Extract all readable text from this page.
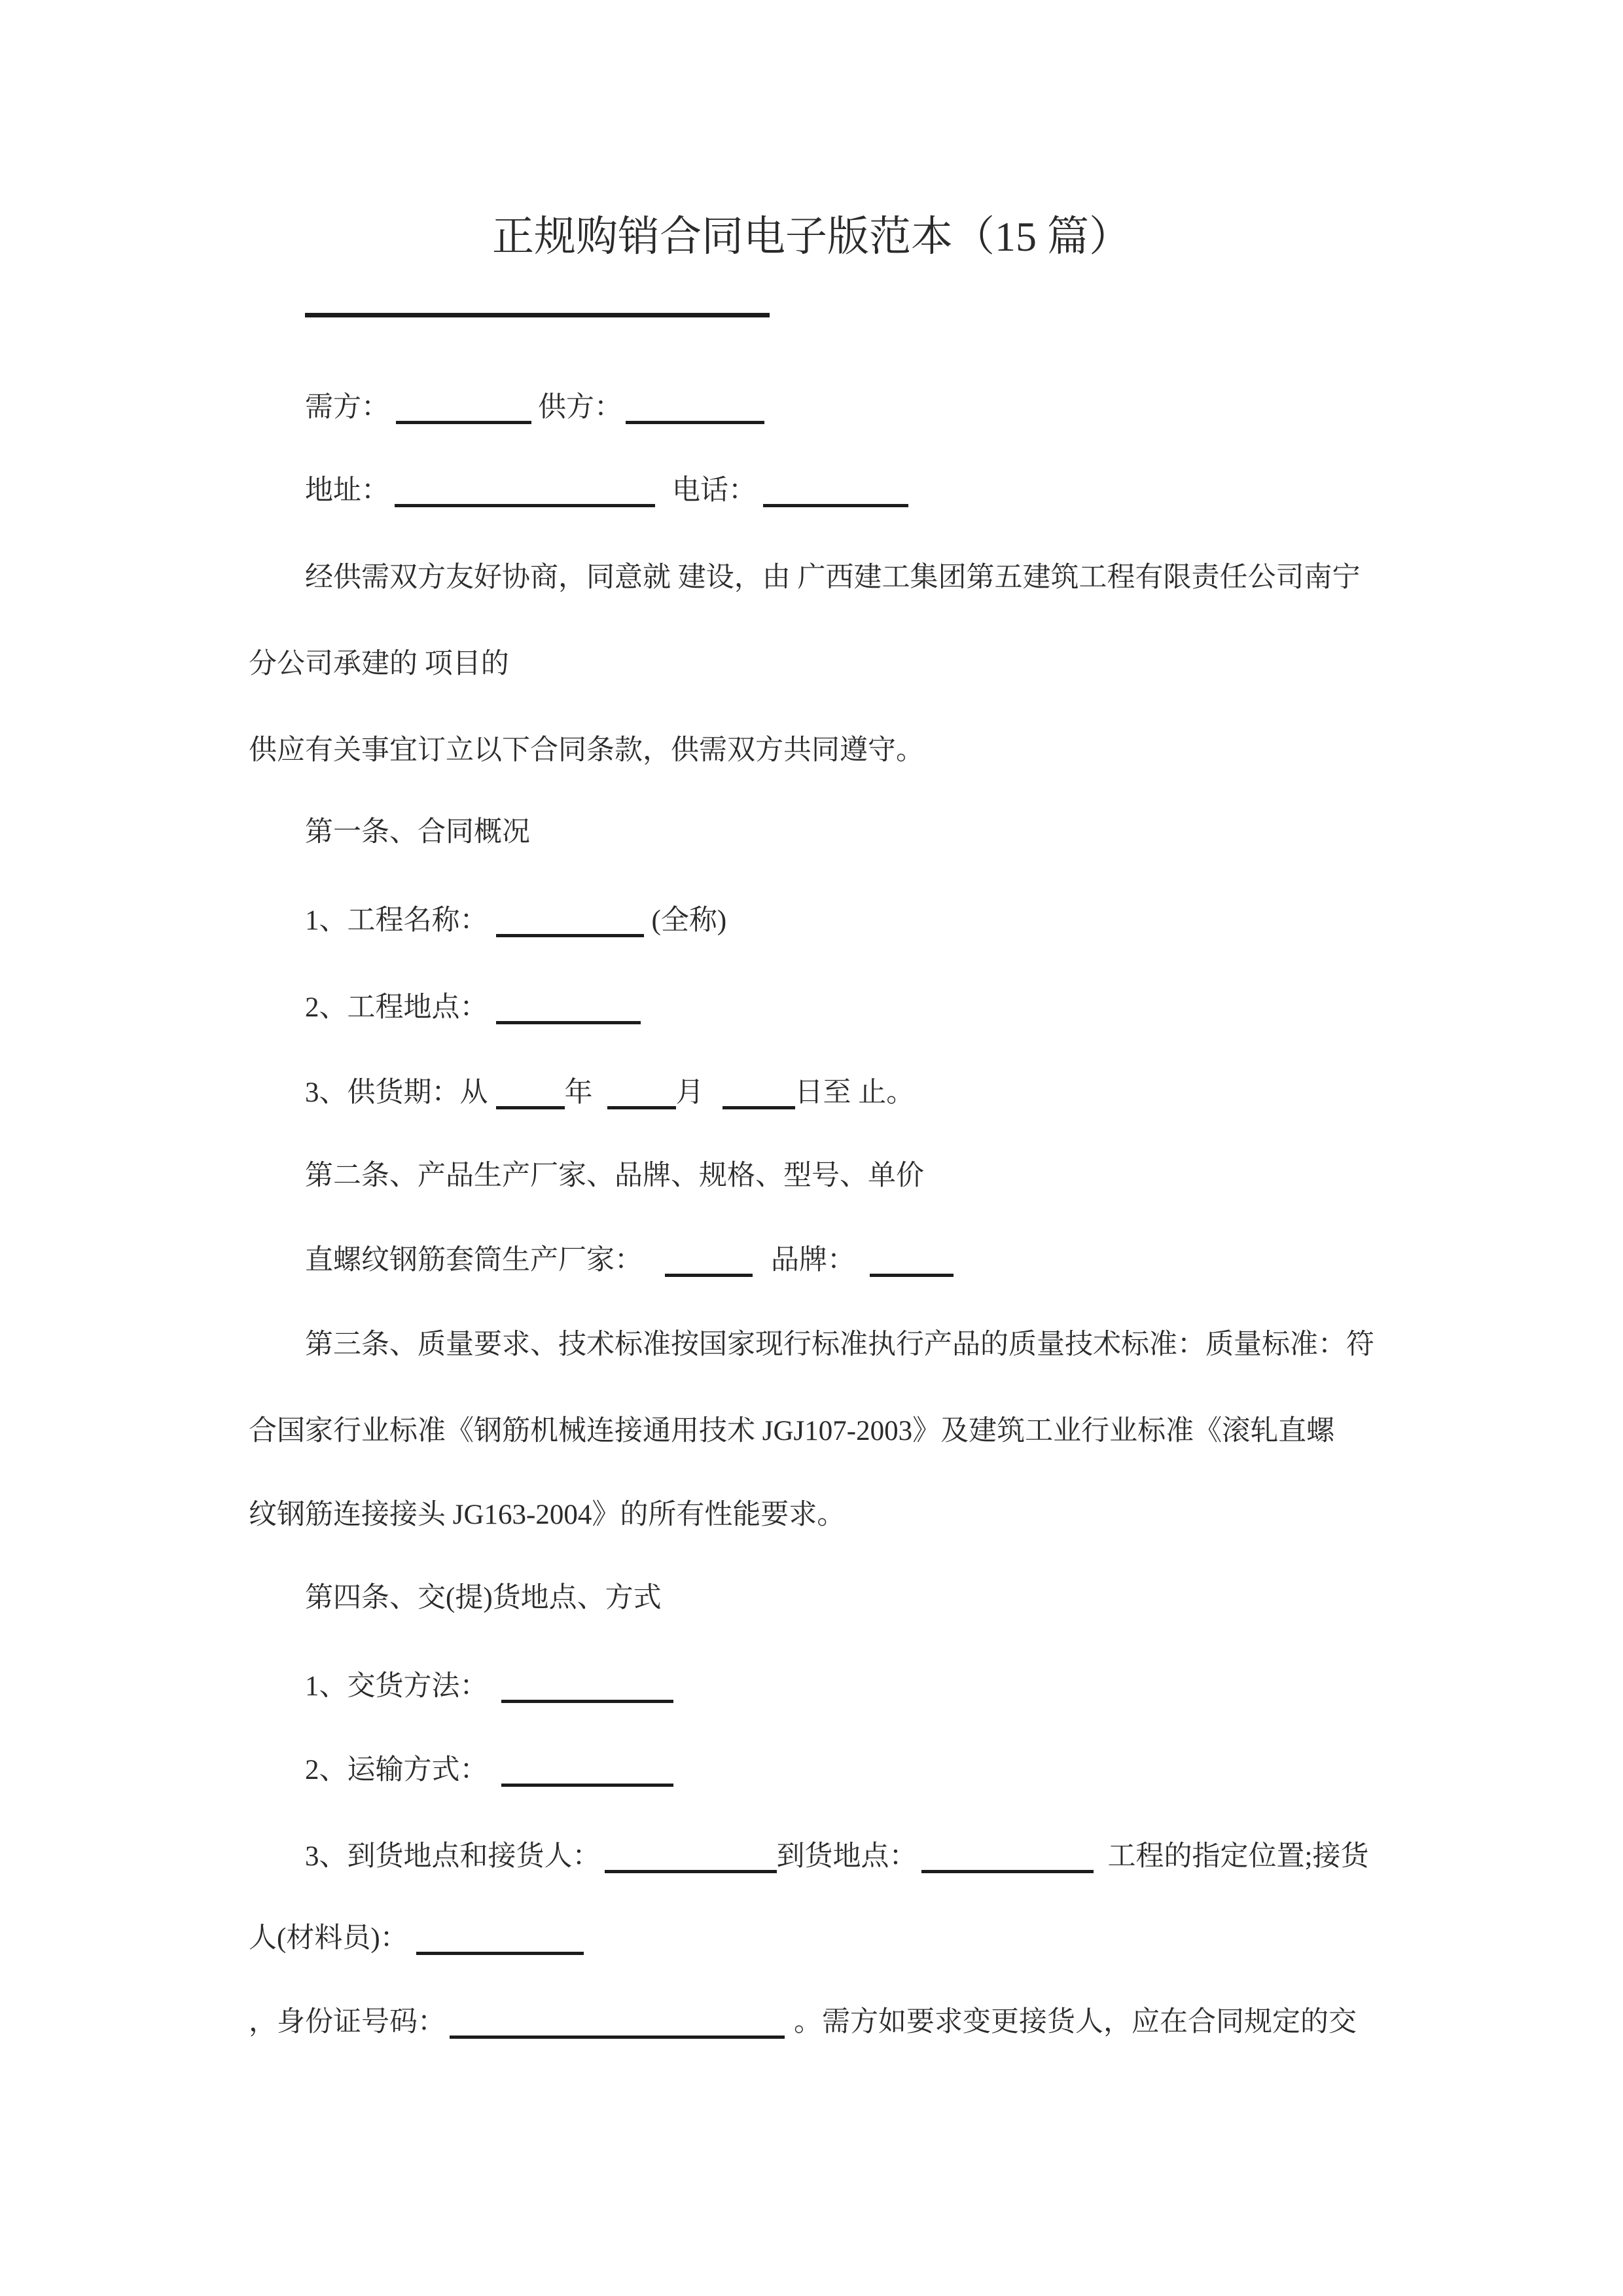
正规购销合同电子版范本（15 篇）
需方：	供方：
地址：	电话：
经供需双方友好协商，同意就 建设，由 广西建工集团第五建筑工程有限责任公司南宁
分公司承建的 项目的
供应有关事宜订立以下合同条款，供需双方共同遵守。
第一条、合同概况
1、工程名称：	(全称)
2、工程地点：
3、供货期：从	年	月	日至 止。
第二条、产品生产厂家、品牌、规格、型号、单价
直螺纹钢筋套筒生产厂家：	品牌：
第三条、质量要求、技术标准按国家现行标准执行产品的质量技术标准：质量标准：符
合国家行业标准《钢筋机械连接通用技术 JGJ107-2003》及建筑工业行业标准《滚轧直螺
纹钢筋连接接头 JG163-2004》的所有性能要求。
第四条、交(提)货地点、方式
1、交货方法：
2、运输方式：
3、到货地点和接货人：	到货地点：	工程的指定位置;接货
人(材料员)：
，身份证号码：	。需方如要求变更接货人，应在合同规定的交
